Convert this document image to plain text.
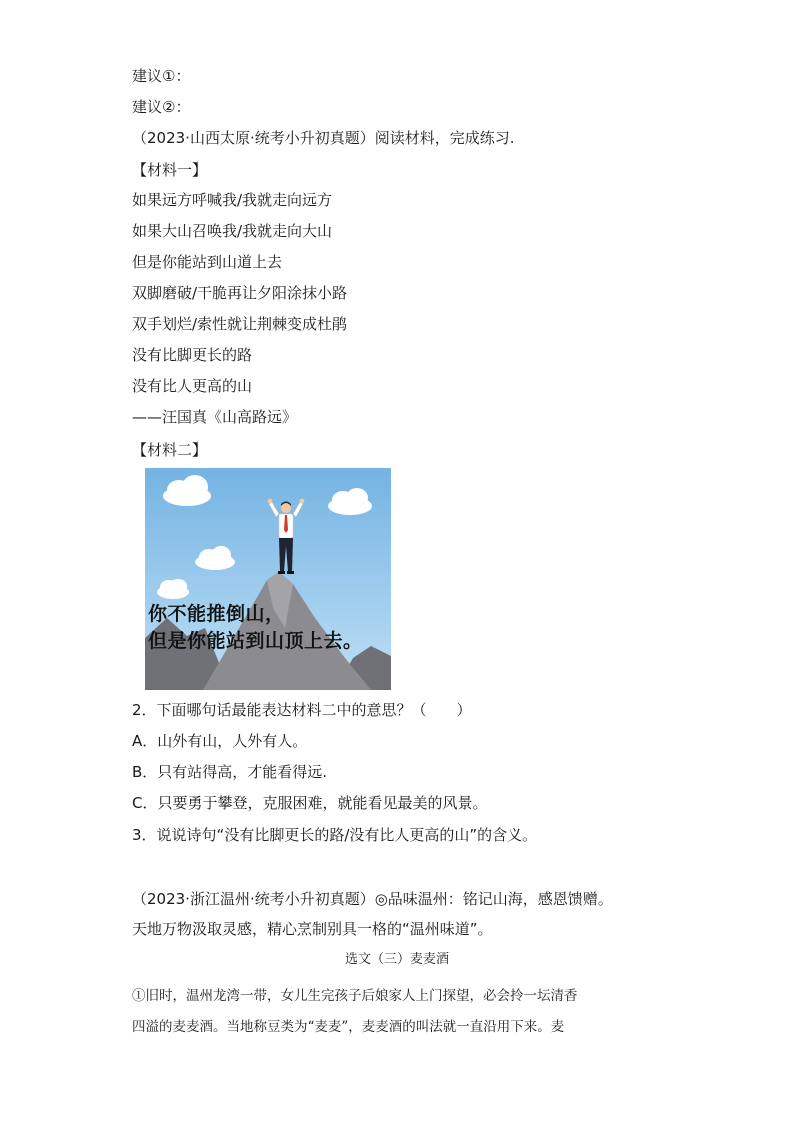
建议①：
建议②：
（2023·山西太原·统考小升初真题）阅读材料，完成练习.
【材料一】
如果远方呼喊我/我就走向远方
如果大山召唤我/我就走向大山
但是你能站到山道上去
双脚磨破/干脆再让夕阳涂抹小路
双手划烂/索性就让荆棘变成杜鹃
没有比脚更长的路
没有比人更高的山
——汪国真《山高路远》
【材料二】
你不能推倒山，
但是你能站到山顶上去。
2．下面哪句话最能表达材料二中的意思？（　　）
A．山外有山，人外有人。
B．只有站得高，才能看得远.
C．只要勇于攀登，克服困难，就能看见最美的风景。
3．说说诗句“没有比脚更长的路/没有比人更高的山”的含义。
（2023·浙江温州·统考小升初真题）◎品味温州：铭记山海，感恩馈赠。
天地万物汲取灵感，精心烹制别具一格的“温州味道”。
选文（三）麦麦酒
①旧时，温州龙湾一带，女儿生完孩子后娘家人上门探望，必会拎一坛清香
四溢的麦麦酒。当地称豆类为“麦麦”，麦麦酒的叫法就一直沿用下来。麦
